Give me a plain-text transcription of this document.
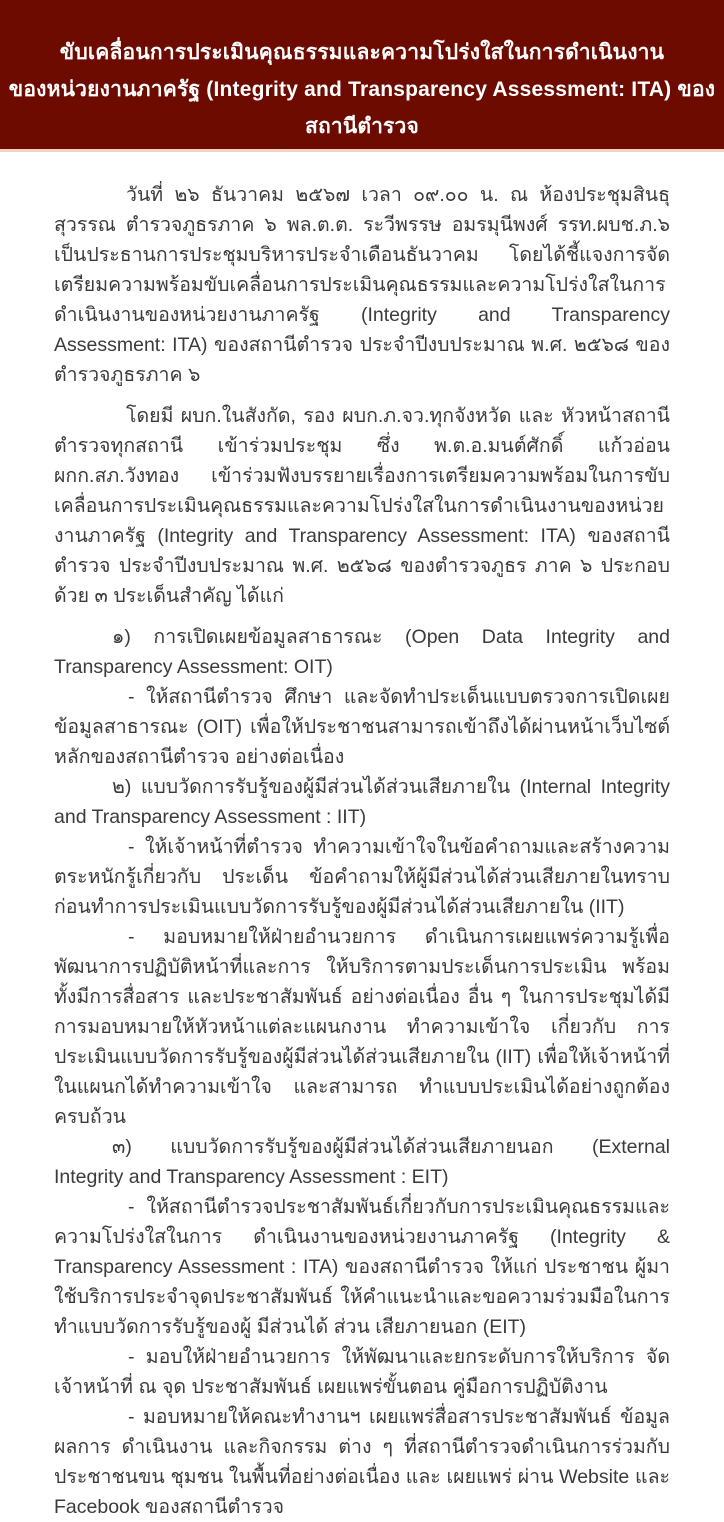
ขับเคลื่อนการประเมินคุณธรรมและความโปร่งใสในการดำเนินงาน
ของหน่วยงานภาครัฐ (Integrity and Transparency Assessment: ITA) ของสถานีตำรวจ
ประจำปีงบประมาณ พ.ศ. ๒๕๖๘

วันที่ ๒๖ ธันวาคม ๒๕๖๗ เวลา ๐๙.๐๐ น. ณ ห้องประชุมสินธุสุวรรณ ตำรวจภูธรภาค ๖ พล.ต.ต. ระวีพรรษ อมรมุนีพงศ์ รรท.ผบช.ภ.๖ เป็นประธานการประชุมบริหารประจำเดือนธันวาคม โดยได้ชี้แจงการจัดเตรียมความพร้อมขับเคลื่อนการประเมินคุณธรรมและความโปร่งใสในการดำเนินงานของหน่วยงานภาครัฐ (Integrity and Transparency Assessment: ITA) ของสถานีตำรวจ ประจำปีงบประมาณ พ.ศ. ๒๕๖๘ ของตำรวจภูธรภาค ๖

โดยมี ผบก.ในสังกัด, รอง ผบก.ภ.จว.ทุกจังหวัด และ หัวหน้าสถานีตำรวจทุกสถานี เข้าร่วมประชุม ซึ่ง พ.ต.อ.มนต์ศักดิ์ แก้วอ่อน ผกก.สภ.วังทอง เข้าร่วมฟังบรรยายเรื่องการเตรียมความพร้อมในการขับเคลื่อนการประเมินคุณธรรมและความโปร่งใสในการดำเนินงานของหน่วยงานภาครัฐ (Integrity and Transparency Assessment: ITA) ของสถานีตำรวจ ประจำปีงบประมาณ พ.ศ. ๒๕๖๘ ของตำรวจภูธร ภาค ๖ ประกอบด้วย ๓ ประเด็นสำคัญ ได้แก่

๑) การเปิดเผยข้อมูลสาธารณะ (Open Data Integrity and Transparency Assessment: OIT)

- ให้สถานีตำรวจ ศึกษา และจัดทำประเด็นแบบตรวจการเปิดเผยข้อมูลสาธารณะ (OIT) เพื่อให้ประชาชนสามารถเข้าถึงได้ผ่านหน้าเว็บไซต์หลักของสถานีตำรวจ อย่างต่อเนื่อง

๒) แบบวัดการรับรู้ของผู้มีส่วนได้ส่วนเสียภายใน (Internal Integrity and Transparency Assessment : IIT)

- ให้เจ้าหน้าที่ตำรวจ ทำความเข้าใจในข้อคำถามและสร้างความตระหนักรู้เกี่ยวกับ ประเด็น ข้อคำถามให้ผู้มีส่วนได้ส่วนเสียภายในทราบ ก่อนทำการประเมินแบบวัดการรับรู้ของผู้มีส่วนได้ส่วนเสียภายใน (IIT)

- มอบหมายให้ฝ่ายอำนวยการ ดำเนินการเผยแพร่ความรู้เพื่อพัฒนาการปฏิบัติหน้าที่และการ ให้บริการตามประเด็นการประเมิน พร้อมทั้งมีการสื่อสาร และประชาสัมพันธ์ อย่างต่อเนื่อง อื่น ๆ ในการประชุมได้มีการมอบหมายให้หัวหน้าแต่ละแผนกงาน ทำความเข้าใจ เกี่ยวกับ การประเมินแบบวัดการรับรู้ของผู้มีส่วนได้ส่วนเสียภายใน (IIT) เพื่อให้เจ้าหน้าที่ในแผนกได้ทำความเข้าใจ และสามารถ ทำแบบประเมินได้อย่างถูกต้องครบถ้วน

๓) แบบวัดการรับรู้ของผู้มีส่วนได้ส่วนเสียภายนอก (External Integrity and Transparency Assessment : EIT)

- ให้สถานีตำรวจประชาสัมพันธ์เกี่ยวกับการประเมินคุณธรรมและความโปร่งใสในการ ดำเนินงานของหน่วยงานภาครัฐ (Integrity & Transparency Assessment : ITA) ของสถานีตำรวจ ให้แก่ ประชาชน ผู้มาใช้บริการประจำจุดประชาสัมพันธ์ ให้คำแนะนำและขอความร่วมมือในการทำแบบวัดการรับรู้ของผู้ มีส่วนได้ ส่วน เสียภายนอก (EIT)

- มอบให้ฝ่ายอำนวยการ ให้พัฒนาและยกระดับการให้บริการ จัดเจ้าหน้าที่ ณ จุด ประชาสัมพันธ์ เผยแพร่ขั้นตอน คู่มือการปฏิบัติงาน

- มอบหมายให้คณะทำงานฯ เผยแพร่สื่อสารประชาสัมพันธ์ ข้อมูลผลการ ดำเนินงาน และกิจกรรม ต่าง ๆ ที่สถานีตำรวจดำเนินการร่วมกับประชาชนขน ชุมชน ในพื้นที่อย่างต่อเนื่อง และ เผยแพร่ ผ่าน Website และ Facebook ของสถานีตำรวจ
